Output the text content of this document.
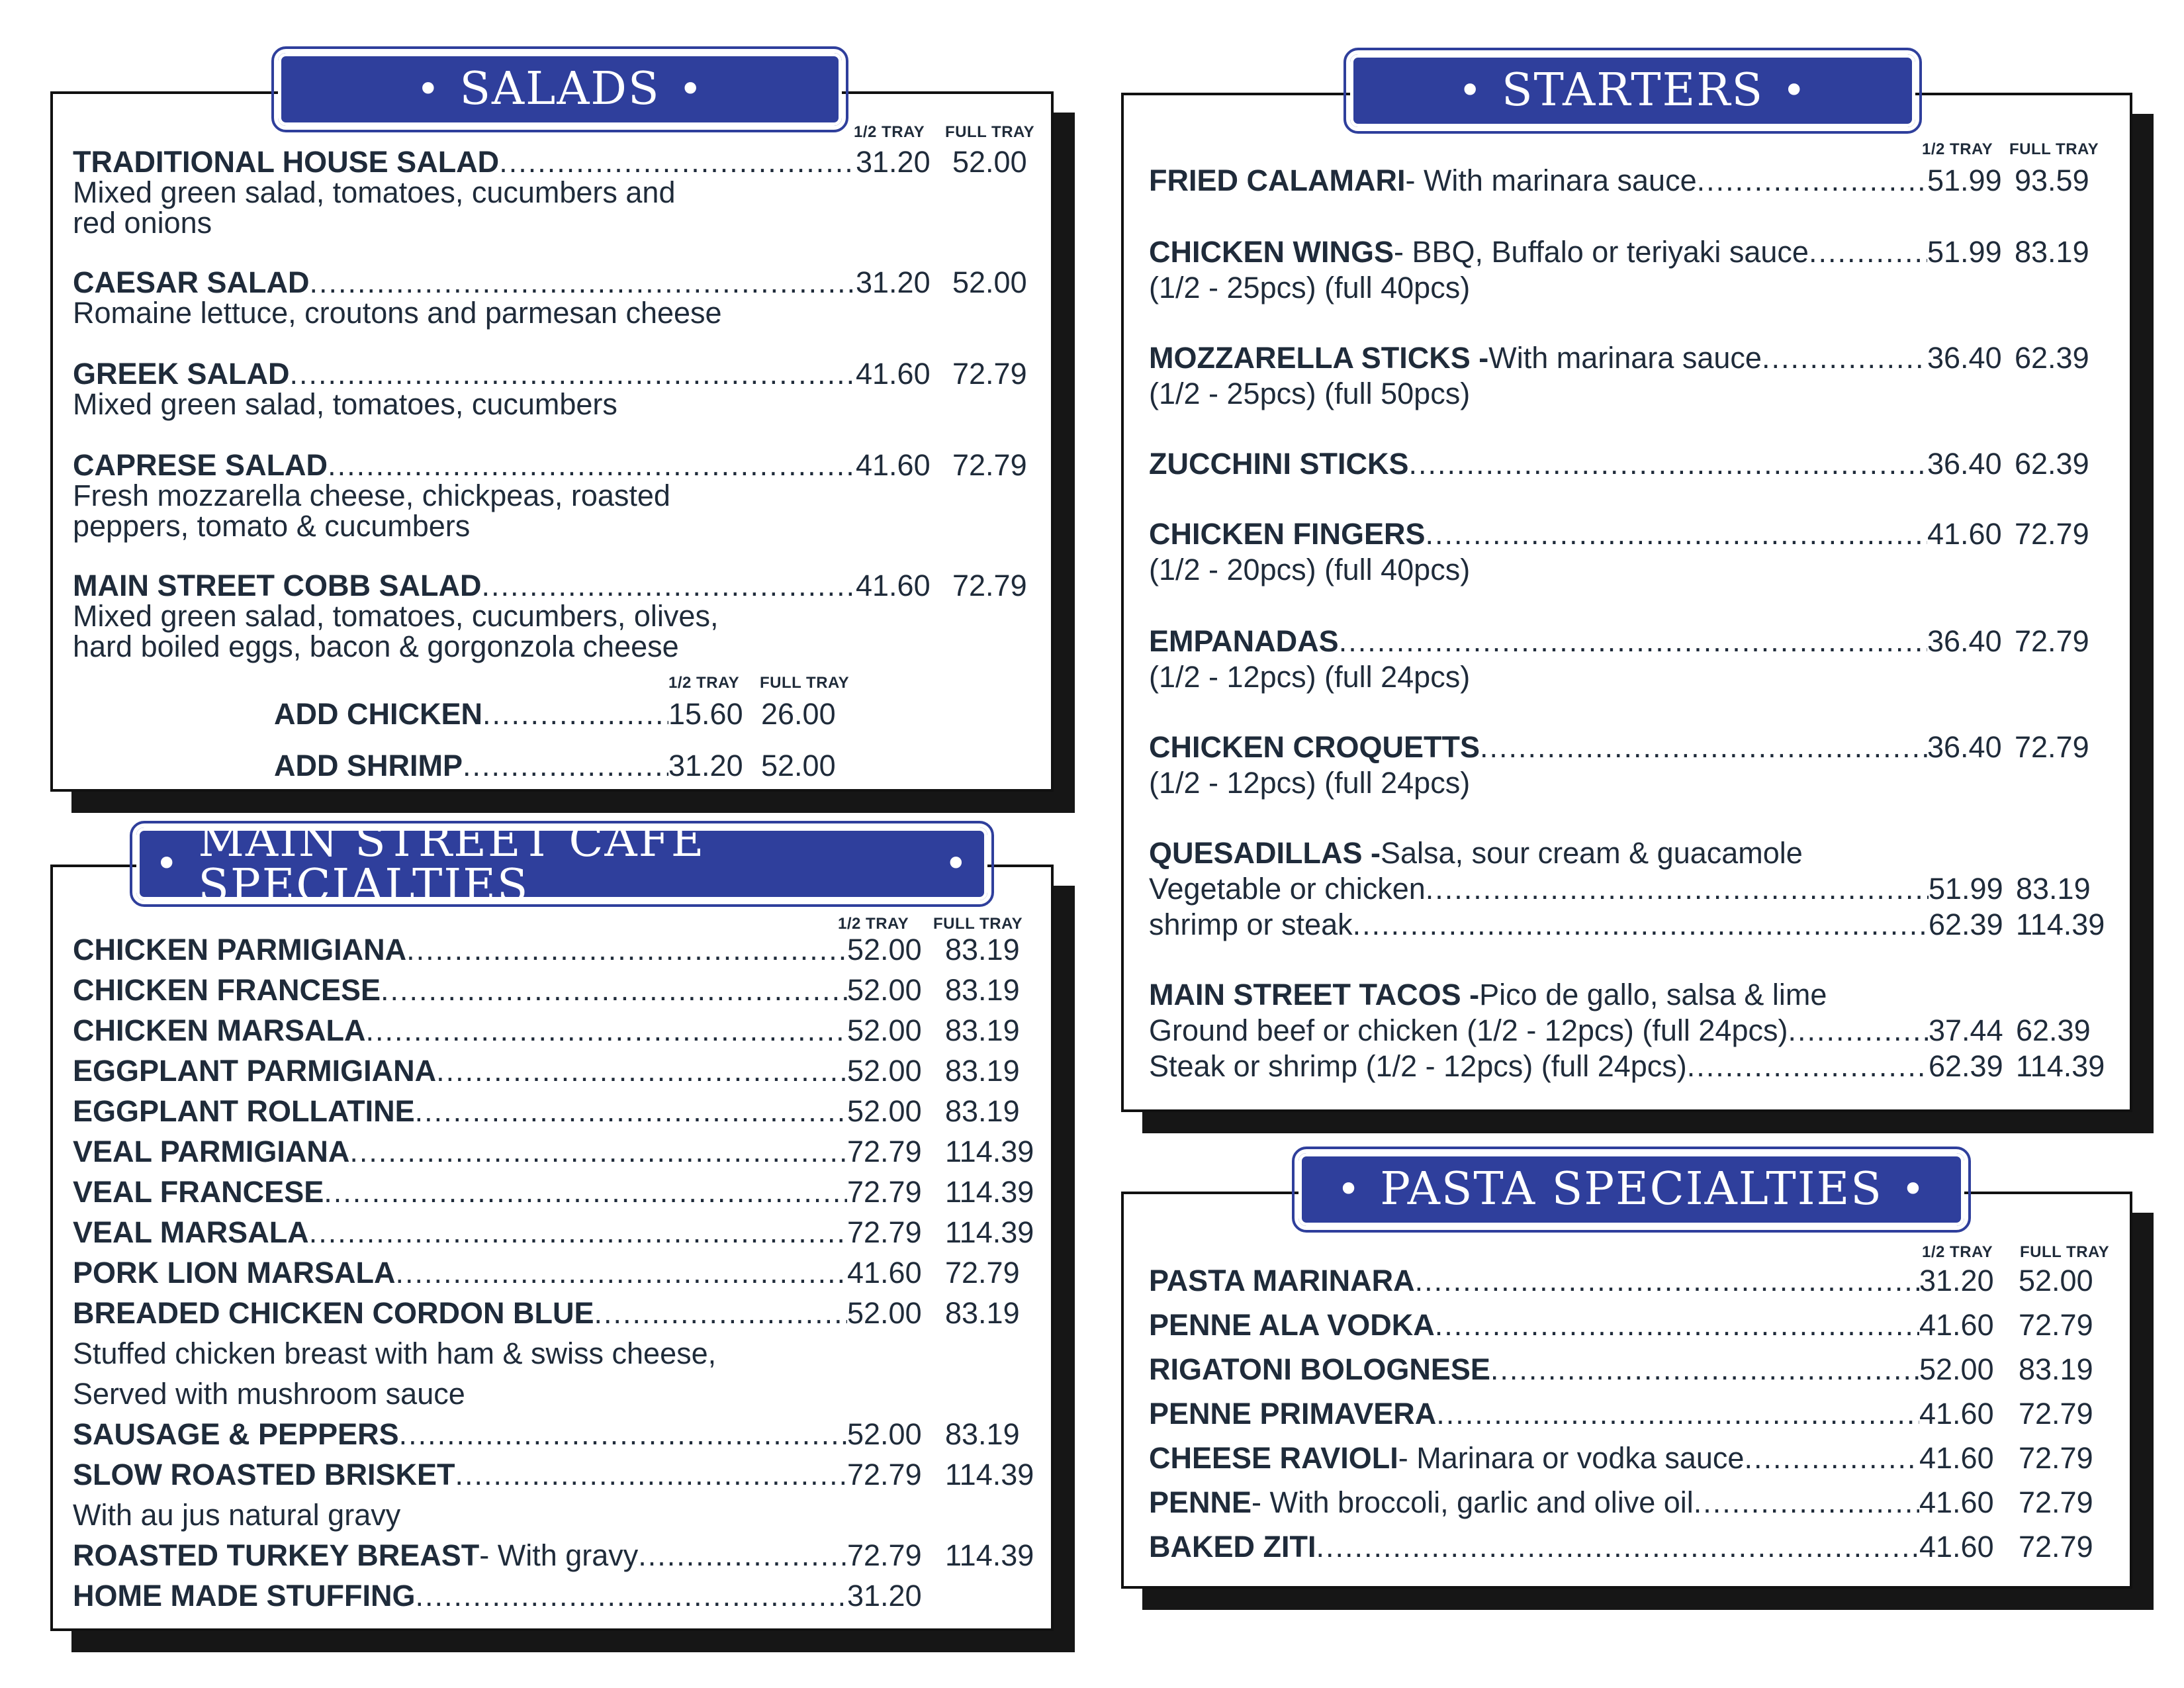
• SALADS •
1/2 TRAY FULL TRAY
TRADITIONAL HOUSE SALAD .....	31.20 52.00
Mixed green salad, tomatoes, cucumbers and
red onions
CAESAR SALAD .....	31.20 52.00
Romaine lettuce, croutons and parmesan cheese
GREEK SALAD .....	41.60 72.79
Mixed green salad, tomatoes, cucumbers
CAPRESE SALAD .....	41.60 72.79
Fresh mozzarella cheese, chickpeas, roasted
peppers, tomato & cucumbers
MAIN STREET COBB SALAD .....	41.60 72.79
Mixed green salad, tomatoes, cucumbers, olives,
hard boiled eggs, bacon & gorgonzola cheese
ADD CHICKEN .....	15.60 26.00
ADD SHRIMP .....	31.20 52.00
1/2 TRAY FULL TRAY
• MAIN STREET CAFE SPECIALTIES	•
1/2 TRAY FULL TRAY
CHICKEN PARMIGIANA .....	52.00 83.19
CHICKEN FRANCESE .....	52.00 83.19
CHICKEN MARSALA .....	52.00 83.19
EGGPLANT PARMIGIANA .....	52.00 83.19
EGGPLANT ROLLATINE .....	52.00 83.19
VEAL PARMIGIANA .....	72.79 114.39
VEAL FRANCESE .....	72.79 114.39
VEAL MARSALA .....	72.79 114.39
PORK LION MARSALA .....	41.60 72.79
BREADED CHICKEN CORDON BLUE .....	52.00 83.19
Stuffed chicken breast with ham & swiss cheese,
Served with mushroom sauce
SAUSAGE & PEPPERS .....	52.00 83.19
SLOW ROASTED BRISKET .....	72.79 114.39
With au jus natural gravy
ROASTED TURKEY BREAST - With gravy .....	72.79 114.39
HOME MADE STUFFING .....	31.20
• STARTERS •
1/2 TRAY FULL TRAY
FRIED CALAMARI - With marinara sauce .....	51.99 93.59
CHICKEN WINGS - BBQ, Buffalo or teriyaki sauce .....	51.99 83.19
(1/2 - 25pcs) (full 40pcs)
MOZZARELLA STICKS - With marinara sauce .....	36.40 62.39
(1/2 - 25pcs) (full 50pcs)
ZUCCHINI STICKS .....	36.40 62.39
CHICKEN FINGERS .....	41.60 72.79
(1/2 - 20pcs) (full 40pcs)
EMPANADAS .....	36.40 72.79
(1/2 - 12pcs) (full 24pcs)
CHICKEN CROQUETTS .....	36.40 72.79
(1/2 - 12pcs) (full 24pcs)
QUESADILLAS - Salsa, sour cream & guacamole
Vegetable or chicken .....	51.99 83.19
shrimp or steak .....	62.39 114.39
MAIN STREET TACOS - Pico de gallo, salsa & lime
Ground beef or chicken (1/2 - 12pcs) (full 24pcs) .....	37.44 62.39
Steak or shrimp (1/2 - 12pcs) (full 24pcs) .....	62.39 114.39
• PASTA SPECIALTIES •
1/2 TRAY FULL TRAY
PASTA MARINARA .....	31.20 52.00
PENNE ALA VODKA .....	41.60 72.79
RIGATONI BOLOGNESE .....	52.00 83.19
PENNE PRIMAVERA .....	41.60 72.79
CHEESE RAVIOLI - Marinara or vodka sauce .....	41.60 72.79
PENNE - With broccoli, garlic and olive oil .....	41.60 72.79
BAKED ZITI .....	41.60 72.79
